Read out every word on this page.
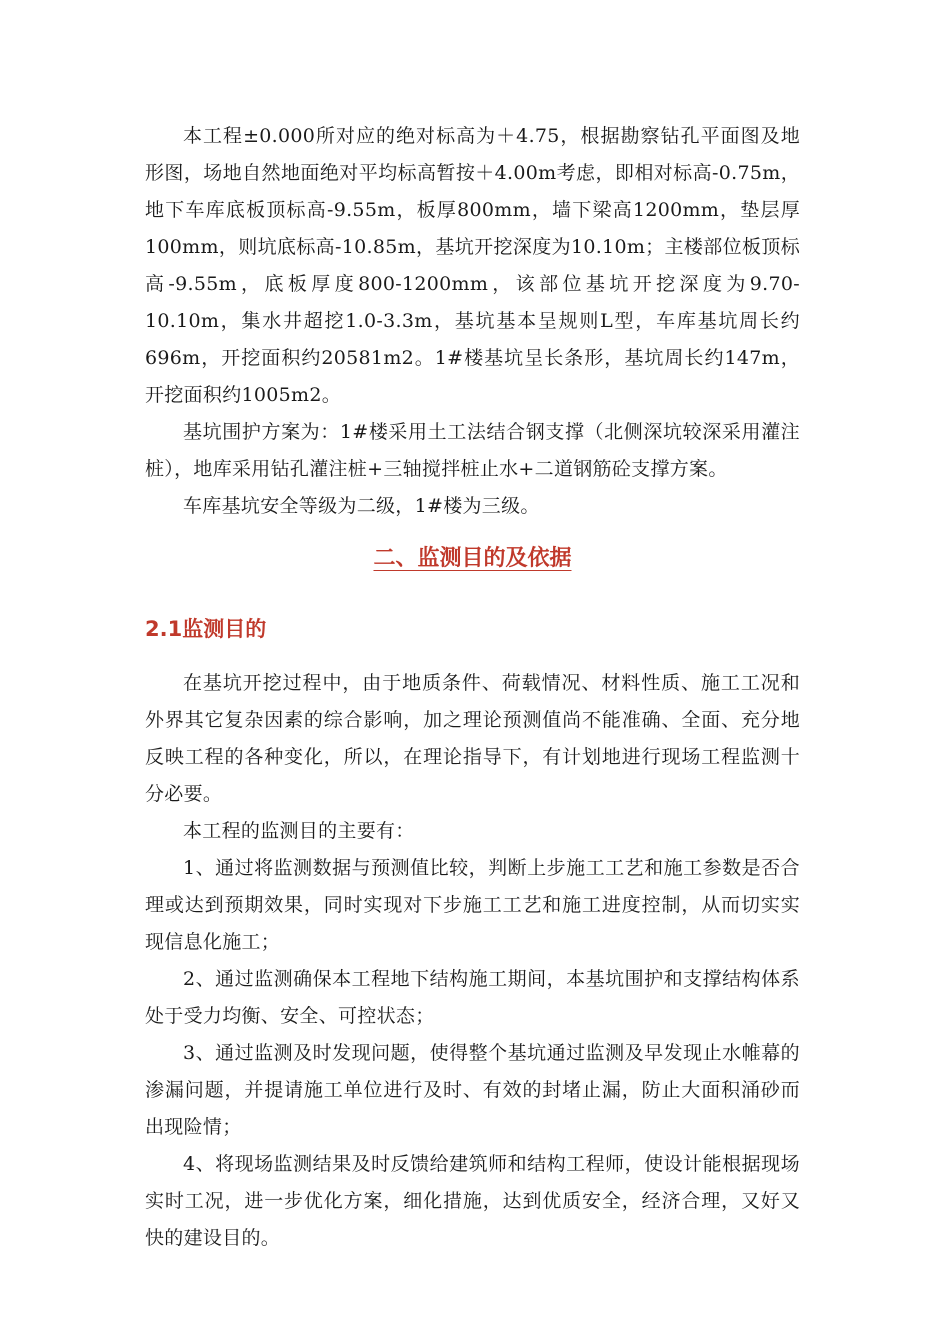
本工程±0.000所对应的绝对标高为＋4.75，根据勘察钻孔平面图及地形图，场地自然地面绝对平均标高暂按＋4.00m考虑，即相对标高-0.75m，地下车库底板顶标高-9.55m，板厚800mm，墙下梁高1200mm，垫层厚100mm，则坑底标高-10.85m，基坑开挖深度为10.10m；主楼部位板顶标高-9.55m，底板厚度800-1200mm，该部位基坑开挖深度为9.70-10.10m，集水井超挖1.0-3.3m，基坑基本呈规则L型，车库基坑周长约696m，开挖面积约20581m2。1#楼基坑呈长条形，基坑周长约147m，开挖面积约1005m2。

基坑围护方案为：1#楼采用土工法结合钢支撑（北侧深坑较深采用灌注桩），地库采用钻孔灌注桩+三轴搅拌桩止水+二道钢筋砼支撑方案。

车库基坑安全等级为二级，1#楼为三级。

二、监测目的及依据
2.1监测目的

在基坑开挖过程中，由于地质条件、荷载情况、材料性质、施工工况和外界其它复杂因素的综合影响，加之理论预测值尚不能准确、全面、充分地反映工程的各种变化，所以，在理论指导下，有计划地进行现场工程监测十分必要。

本工程的监测目的主要有：

1、通过将监测数据与预测值比较，判断上步施工工艺和施工参数是否合理或达到预期效果，同时实现对下步施工工艺和施工进度控制，从而切实实现信息化施工；

2、通过监测确保本工程地下结构施工期间，本基坑围护和支撑结构体系处于受力均衡、安全、可控状态；

3、通过监测及时发现问题，使得整个基坑通过监测及早发现止水帷幕的渗漏问题，并提请施工单位进行及时、有效的封堵止漏，防止大面积涌砂而出现险情；

4、将现场监测结果及时反馈给建筑师和结构工程师，使设计能根据现场实时工况，进一步优化方案，细化措施，达到优质安全，经济合理，又好又快的建设目的。
